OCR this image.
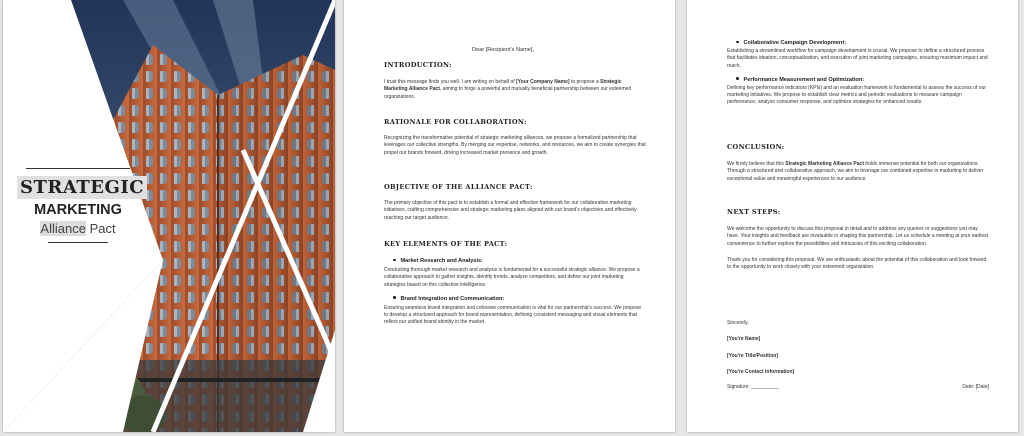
STRATEGIC
MARKETING
Alliance Pact

Dear [Recipient's Name],

INTRODUCTION:

I trust this message finds you well. I am writing on behalf of [Your Company Name] to propose a Strategic Marketing Alliance Pact, aiming to forge a powerful and mutually beneficial partnership between our esteemed organizations.

RATIONALE FOR COLLABORATION:

Recognizing the transformative potential of strategic marketing alliances, we propose a formalized partnership that leverages our collective strengths. By merging our expertise, networks, and resources, we aim to create synergies that propel our brands forward, driving increased market presence and growth.

OBJECTIVE OF THE ALLIANCE PACT:

The primary objective of this pact is to establish a formal and effective framework for our collaborative marketing initiatives, crafting comprehensive and strategic marketing plans aligned with our brand's objectives and effectively reaching our target audience.

KEY ELEMENTS OF THE PACT:

Market Research and Analysis:

Conducting thorough market research and analysis is fundamental for a successful strategic alliance. We propose a collaborative approach to gather insights, identify trends, analyze competitors, and define our joint marketing strategies based on this collective intelligence.

Brand Integration and Communication:

Ensuring seamless brand integration and cohesive communication is vital for our partnership's success. We propose to develop a structured approach for brand representation, defining consistent messaging and visual elements that reflect our unified brand identity in the market.

Collaborative Campaign Development:

Establishing a streamlined workflow for campaign development is crucial. We propose to define a structured process that facilitates ideation, conceptualization, and execution of joint marketing campaigns, ensuring maximum impact and reach.

Performance Measurement and Optimization:

Defining key performance indicators (KPIs) and an evaluation framework is fundamental to assess the success of our marketing initiatives. We propose to establish clear metrics and periodic evaluations to measure campaign performance, analyze consumer response, and optimize strategies for enhanced results.

CONCLUSION:

We firmly believe that this Strategic Marketing Alliance Pact holds immense potential for both our organizations. Through a structured and collaborative approach, we aim to leverage our combined expertise in marketing to deliver exceptional value and meaningful experiences to our audience.

NEXT STEPS:

We welcome the opportunity to discuss this proposal in detail and to address any queries or suggestions you may have. Your insights and feedback are invaluable in shaping this partnership. Let us schedule a meeting at your earliest convenience to further explore the possibilities and intricacies of this exciting collaboration.

Thank you for considering this proposal. We are enthusiastic about the potential of this collaboration and look forward to the opportunity to work closely with your esteemed organization.

Sincerely,

[You're Name]

[You're Title/Position]

[You're Contact Information]

Signature: __________	Date: [Date]
